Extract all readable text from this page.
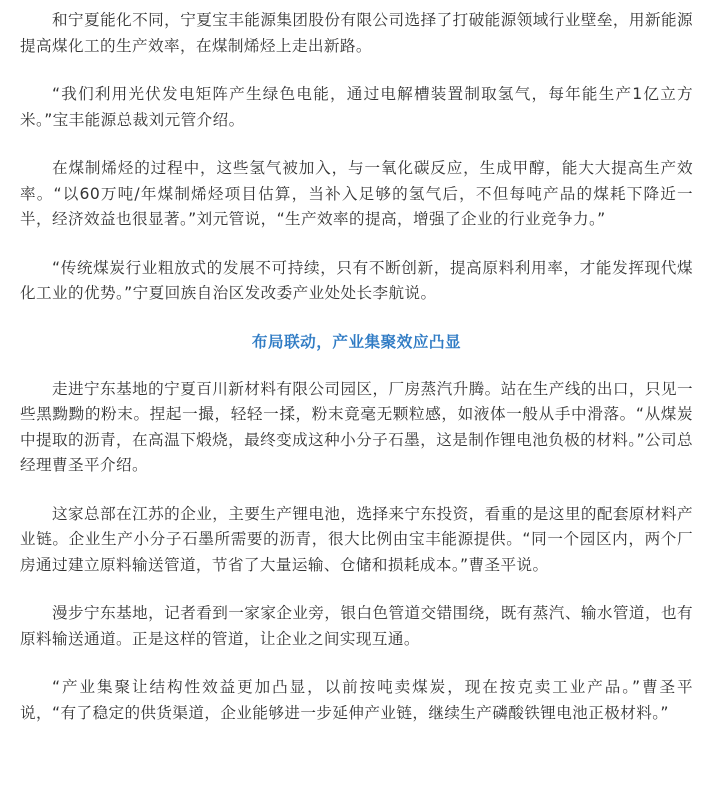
和宁夏能化不同，宁夏宝丰能源集团股份有限公司选择了打破能源领域行业壁垒，用新能源提高煤化工的生产效率，在煤制烯烃上走出新路。

“我们利用光伏发电矩阵产生绿色电能，通过电解槽装置制取氢气，每年能生产1亿立方米。”宝丰能源总裁刘元管介绍。

在煤制烯烃的过程中，这些氢气被加入，与一氧化碳反应，生成甲醇，能大大提高生产效率。“以60万吨/年煤制烯烃项目估算，当补入足够的氢气后，不但每吨产品的煤耗下降近一半，经济效益也很显著。”刘元管说，“生产效率的提高，增强了企业的行业竞争力。”

“传统煤炭行业粗放式的发展不可持续，只有不断创新，提高原料利用率，才能发挥现代煤化工业的优势。”宁夏回族自治区发改委产业处处长李航说。

布局联动，产业集聚效应凸显

走进宁东基地的宁夏百川新材料有限公司园区，厂房蒸汽升腾。站在生产线的出口，只见一些黑黝黝的粉末。捏起一撮，轻轻一揉，粉末竟毫无颗粒感，如液体一般从手中滑落。“从煤炭中提取的沥青，在高温下煅烧，最终变成这种小分子石墨，这是制作锂电池负极的材料。”公司总经理曹圣平介绍。

这家总部在江苏的企业，主要生产锂电池，选择来宁东投资，看重的是这里的配套原材料产业链。企业生产小分子石墨所需要的沥青，很大比例由宝丰能源提供。“同一个园区内，两个厂房通过建立原料输送管道，节省了大量运输、仓储和损耗成本。”曹圣平说。

漫步宁东基地，记者看到一家家企业旁，银白色管道交错围绕，既有蒸汽、输水管道，也有原料输送通道。正是这样的管道，让企业之间实现互通。

“产业集聚让结构性效益更加凸显，以前按吨卖煤炭，现在按克卖工业产品。”曹圣平说，“有了稳定的供货渠道，企业能够进一步延伸产业链，继续生产磷酸铁锂电池正极材料。”
